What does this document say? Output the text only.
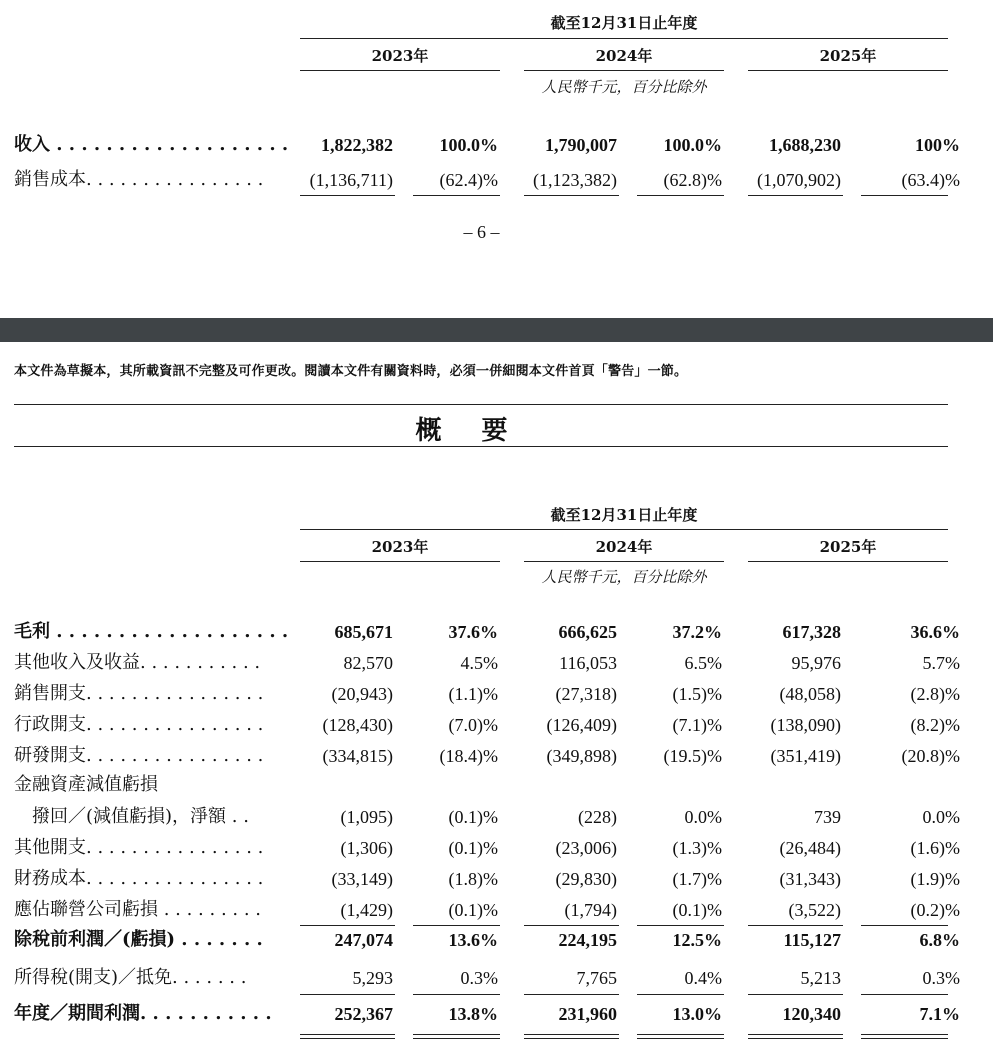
截至12月31日止年度
2023年	2024年	2025年
人民幣千元，百分比除外
收入 . . . . . . . . . . . . . . . . . . .	1,822,382	100.0%	1,790,007	100.0%	1,688,230	100%
銷售成本. . . . . . . . . . . . . . . .	(1,136,711)	(62.4)%	(1,123,382)	(62.8)%	(1,070,902)	(63.4)%
– 6 –
本文件為草擬本，其所載資訊不完整及可作更改。閱讀本文件有關資料時，必須一併細閱本文件首頁「警告」一節。
概要
截至12月31日止年度
2023年	2024年	2025年
人民幣千元，百分比除外
毛利 . . . . . . . . . . . . . . . . . . .	685,671	37.6%	666,625	37.2%	617,328	36.6%
其他收入及收益. . . . . . . . . . .	82,570	4.5%	116,053	6.5%	95,976	5.7%
銷售開支. . . . . . . . . . . . . . . .	(20,943)	(1.1)%	(27,318)	(1.5)%	(48,058)	(2.8)%
行政開支. . . . . . . . . . . . . . . .	(128,430)	(7.0)%	(126,409)	(7.1)%	(138,090)	(8.2)%
研發開支. . . . . . . . . . . . . . . .	(334,815)	(18.4)%	(349,898)	(19.5)%	(351,419)	(20.8)%
金融資產減值虧損
　撥回／(減值虧損)，淨額 . .	(1,095)	(0.1)%	(228)	0.0%	739	0.0%
其他開支. . . . . . . . . . . . . . . .	(1,306)	(0.1)%	(23,006)	(1.3)%	(26,484)	(1.6)%
財務成本. . . . . . . . . . . . . . . .	(33,149)	(1.8)%	(29,830)	(1.7)%	(31,343)	(1.9)%
應佔聯營公司虧損 . . . . . . . . .	(1,429)	(0.1)%	(1,794)	(0.1)%	(3,522)	(0.2)%
除稅前利潤／(虧損) . . . . . . .	247,074	13.6%	224,195	12.5%	115,127	6.8%
所得稅(開支)／抵免. . . . . . .	5,293	0.3%	7,765	0.4%	5,213	0.3%
年度／期間利潤. . . . . . . . . . .	252,367	13.8%	231,960	13.0%	120,340	7.1%
